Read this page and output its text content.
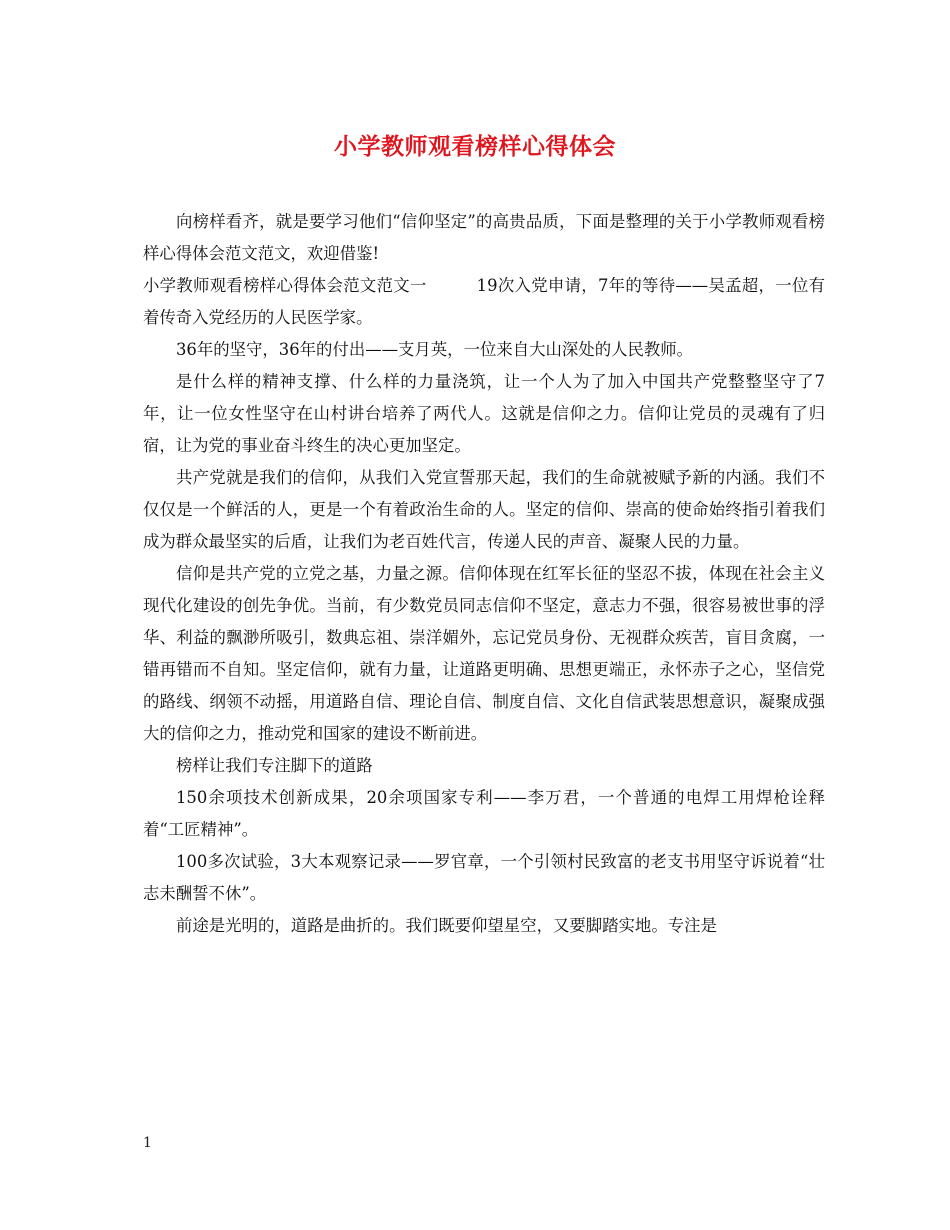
小学教师观看榜样心得体会

向榜样看齐，就是要学习他们“信仰坚定”的高贵品质，下面是整理的关于小学教师观看榜样心得体会范文范文，欢迎借鉴!

小学教师观看榜样心得体会范文范文一	19次入党申请，7年的等待——吴孟超，一位有着传奇入党经历的人民医学家。

36年的坚守，36年的付出——支月英，一位来自大山深处的人民教师。

是什么样的精神支撑、什么样的力量浇筑，让一个人为了加入中国共产党整整坚守了7年，让一位女性坚守在山村讲台培养了两代人。这就是信仰之力。信仰让党员的灵魂有了归宿，让为党的事业奋斗终生的决心更加坚定。

共产党就是我们的信仰，从我们入党宣誓那天起，我们的生命就被赋予新的内涵。我们不仅仅是一个鲜活的人，更是一个有着政治生命的人。坚定的信仰、崇高的使命始终指引着我们成为群众最坚实的后盾，让我们为老百姓代言，传递人民的声音、凝聚人民的力量。

信仰是共产党的立党之基，力量之源。信仰体现在红军长征的坚忍不拔，体现在社会主义现代化建设的创先争优。当前，有少数党员同志信仰不坚定，意志力不强，很容易被世事的浮华、利益的飘渺所吸引，数典忘祖、崇洋媚外，忘记党员身份、无视群众疾苦，盲目贪腐，一错再错而不自知。坚定信仰，就有力量，让道路更明确、思想更端正，永怀赤子之心，坚信党的路线、纲领不动摇，用道路自信、理论自信、制度自信、文化自信武装思想意识，凝聚成强大的信仰之力，推动党和国家的建设不断前进。

榜样让我们专注脚下的道路

150余项技术创新成果，20余项国家专利——李万君，一个普通的电焊工用焊枪诠释着“工匠精神”。

100多次试验，3大本观察记录——罗官章，一个引领村民致富的老支书用坚守诉说着“壮志未酬誓不休”。

前途是光明的，道路是曲折的。我们既要仰望星空，又要脚踏实地。专注是

1
